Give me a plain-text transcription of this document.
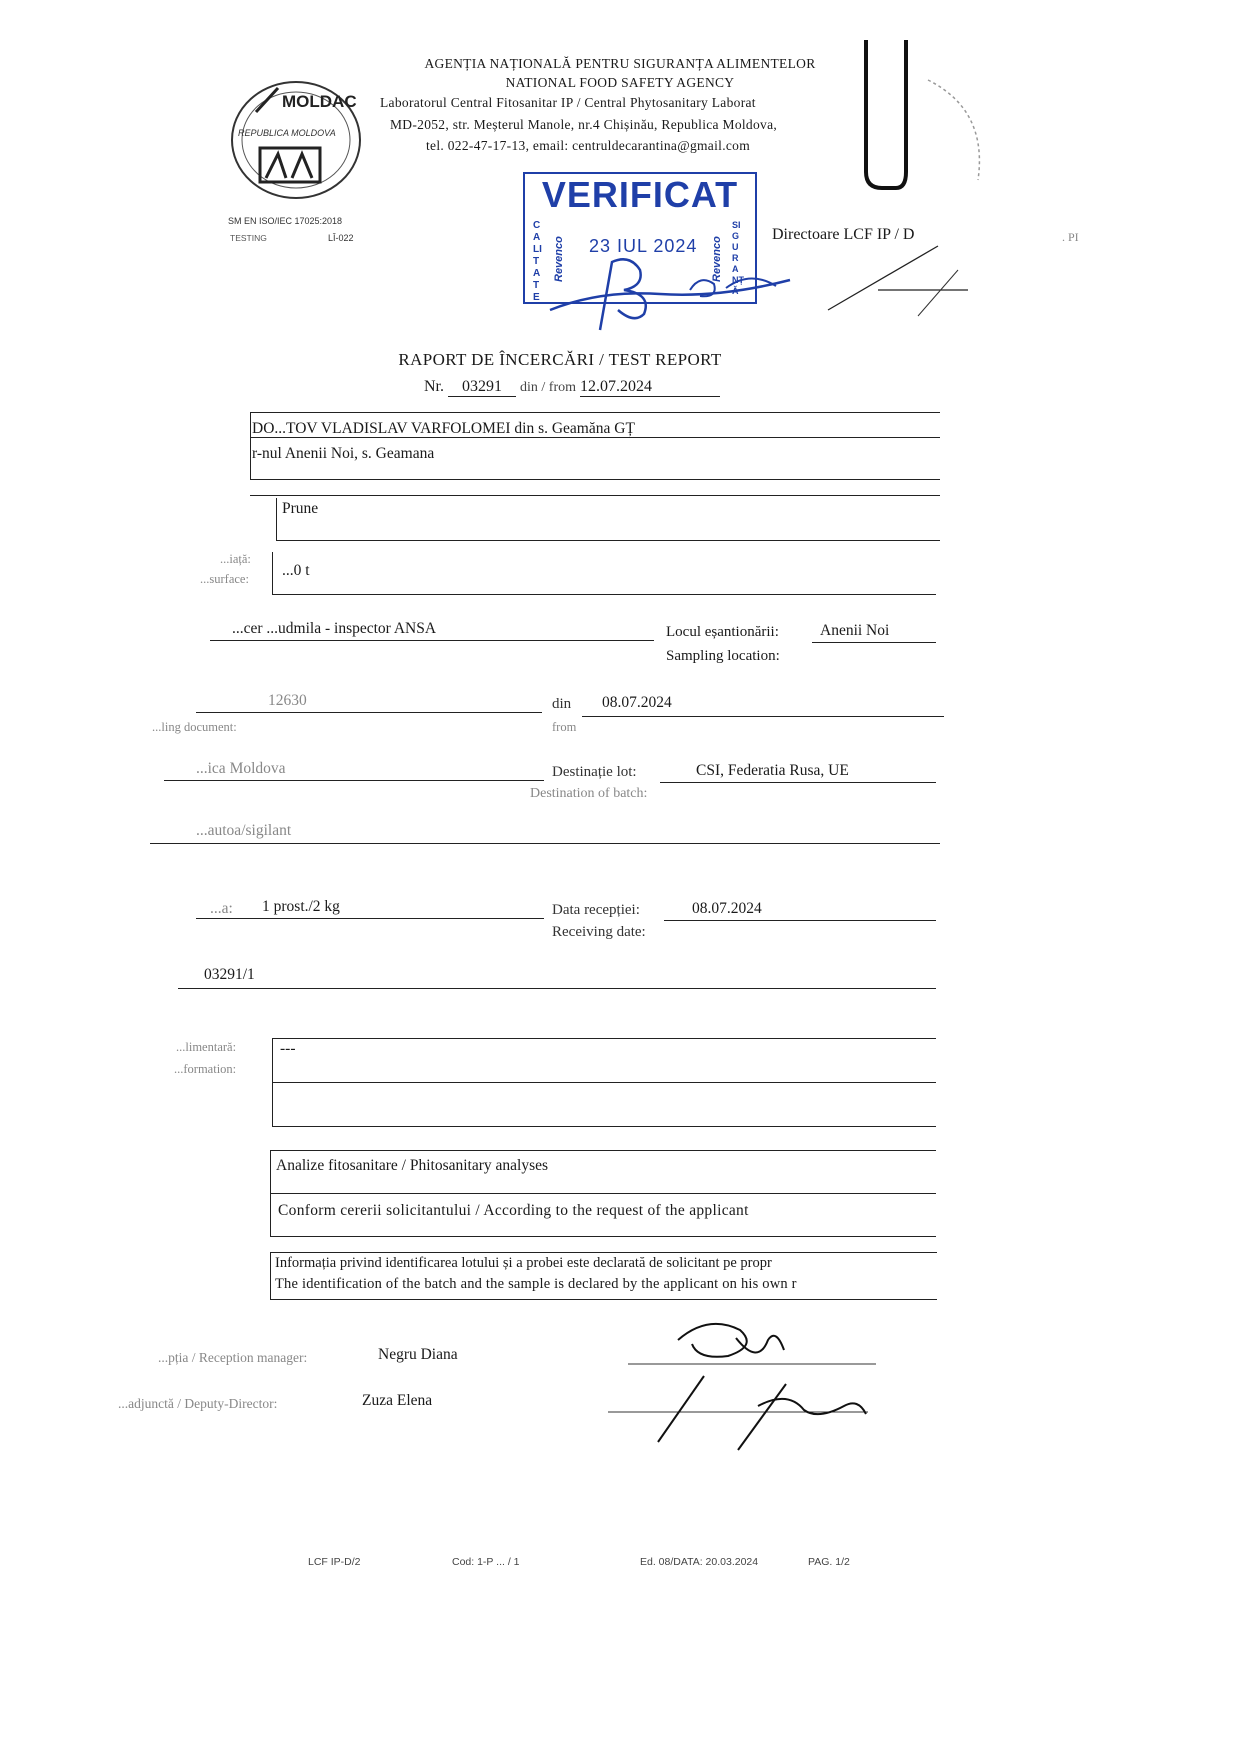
AGENȚIA NAȚIONALĂ PENTRU SIGURANȚA ALIMENTELOR
NATIONAL FOOD SAFETY AGENCY
Laboratorul Central Fitosanitar IP / Central Phytosanitary Laborat
MD-2052, str. Meșterul Manole, nr.4 Chișinău, Republica Moldova,
tel. 022-47-17-13, email: centruldecarantina@gmail.com
MOLDAC
REPUBLICA MOLDOVA
SM EN ISO/IEC 17025:2018
TESTING	LÎ-022
VERIFICAT
CALITATE
SIGURANȚĂ
Revenco	Revenco
23 IUL 2024
Directoare LCF IP / D
RAPORT DE ÎNCERCĂRI / TEST REPORT
Nr. 03291 din / from 12.07.2024
. PI
DO...TOV VLADISLAV VARFOLOMEI din s. Geamăna GȚ
r-nul Anenii Noi, s. Geamana
Prune
...iață:
...surface: ...0 t
...cer ...udmila - inspector ANSA	Locul eșantionării:	Anenii Noi
Sampling location:
12630
...ling document:
din
from
08.07.2024
...ica Moldova	Destinație lot:
Destination of batch:
CSI, Federatia Rusa, UE
...autoa/sigilant
...a: 1 prost./2 kg	Data recepției:
Receiving date:
08.07.2024
03291/1
...limentară:
...formation:
---
Analize fitosanitare / Phitosanitary analyses
Conform cererii solicitantului / According to the request of the applicant
Informația privind identificarea lotului și a probei este declarată de solicitant pe propr
The identification of the batch and the sample is declared by the applicant on his own r
...pția / Reception manager:	Negru Diana
...adjunctă / Deputy-Director:	Zuza Elena
LCF IP-D/2	Cod: 1-P ... / 1	Ed. 08/DATA: 20.03.2024	PAG. 1/2
